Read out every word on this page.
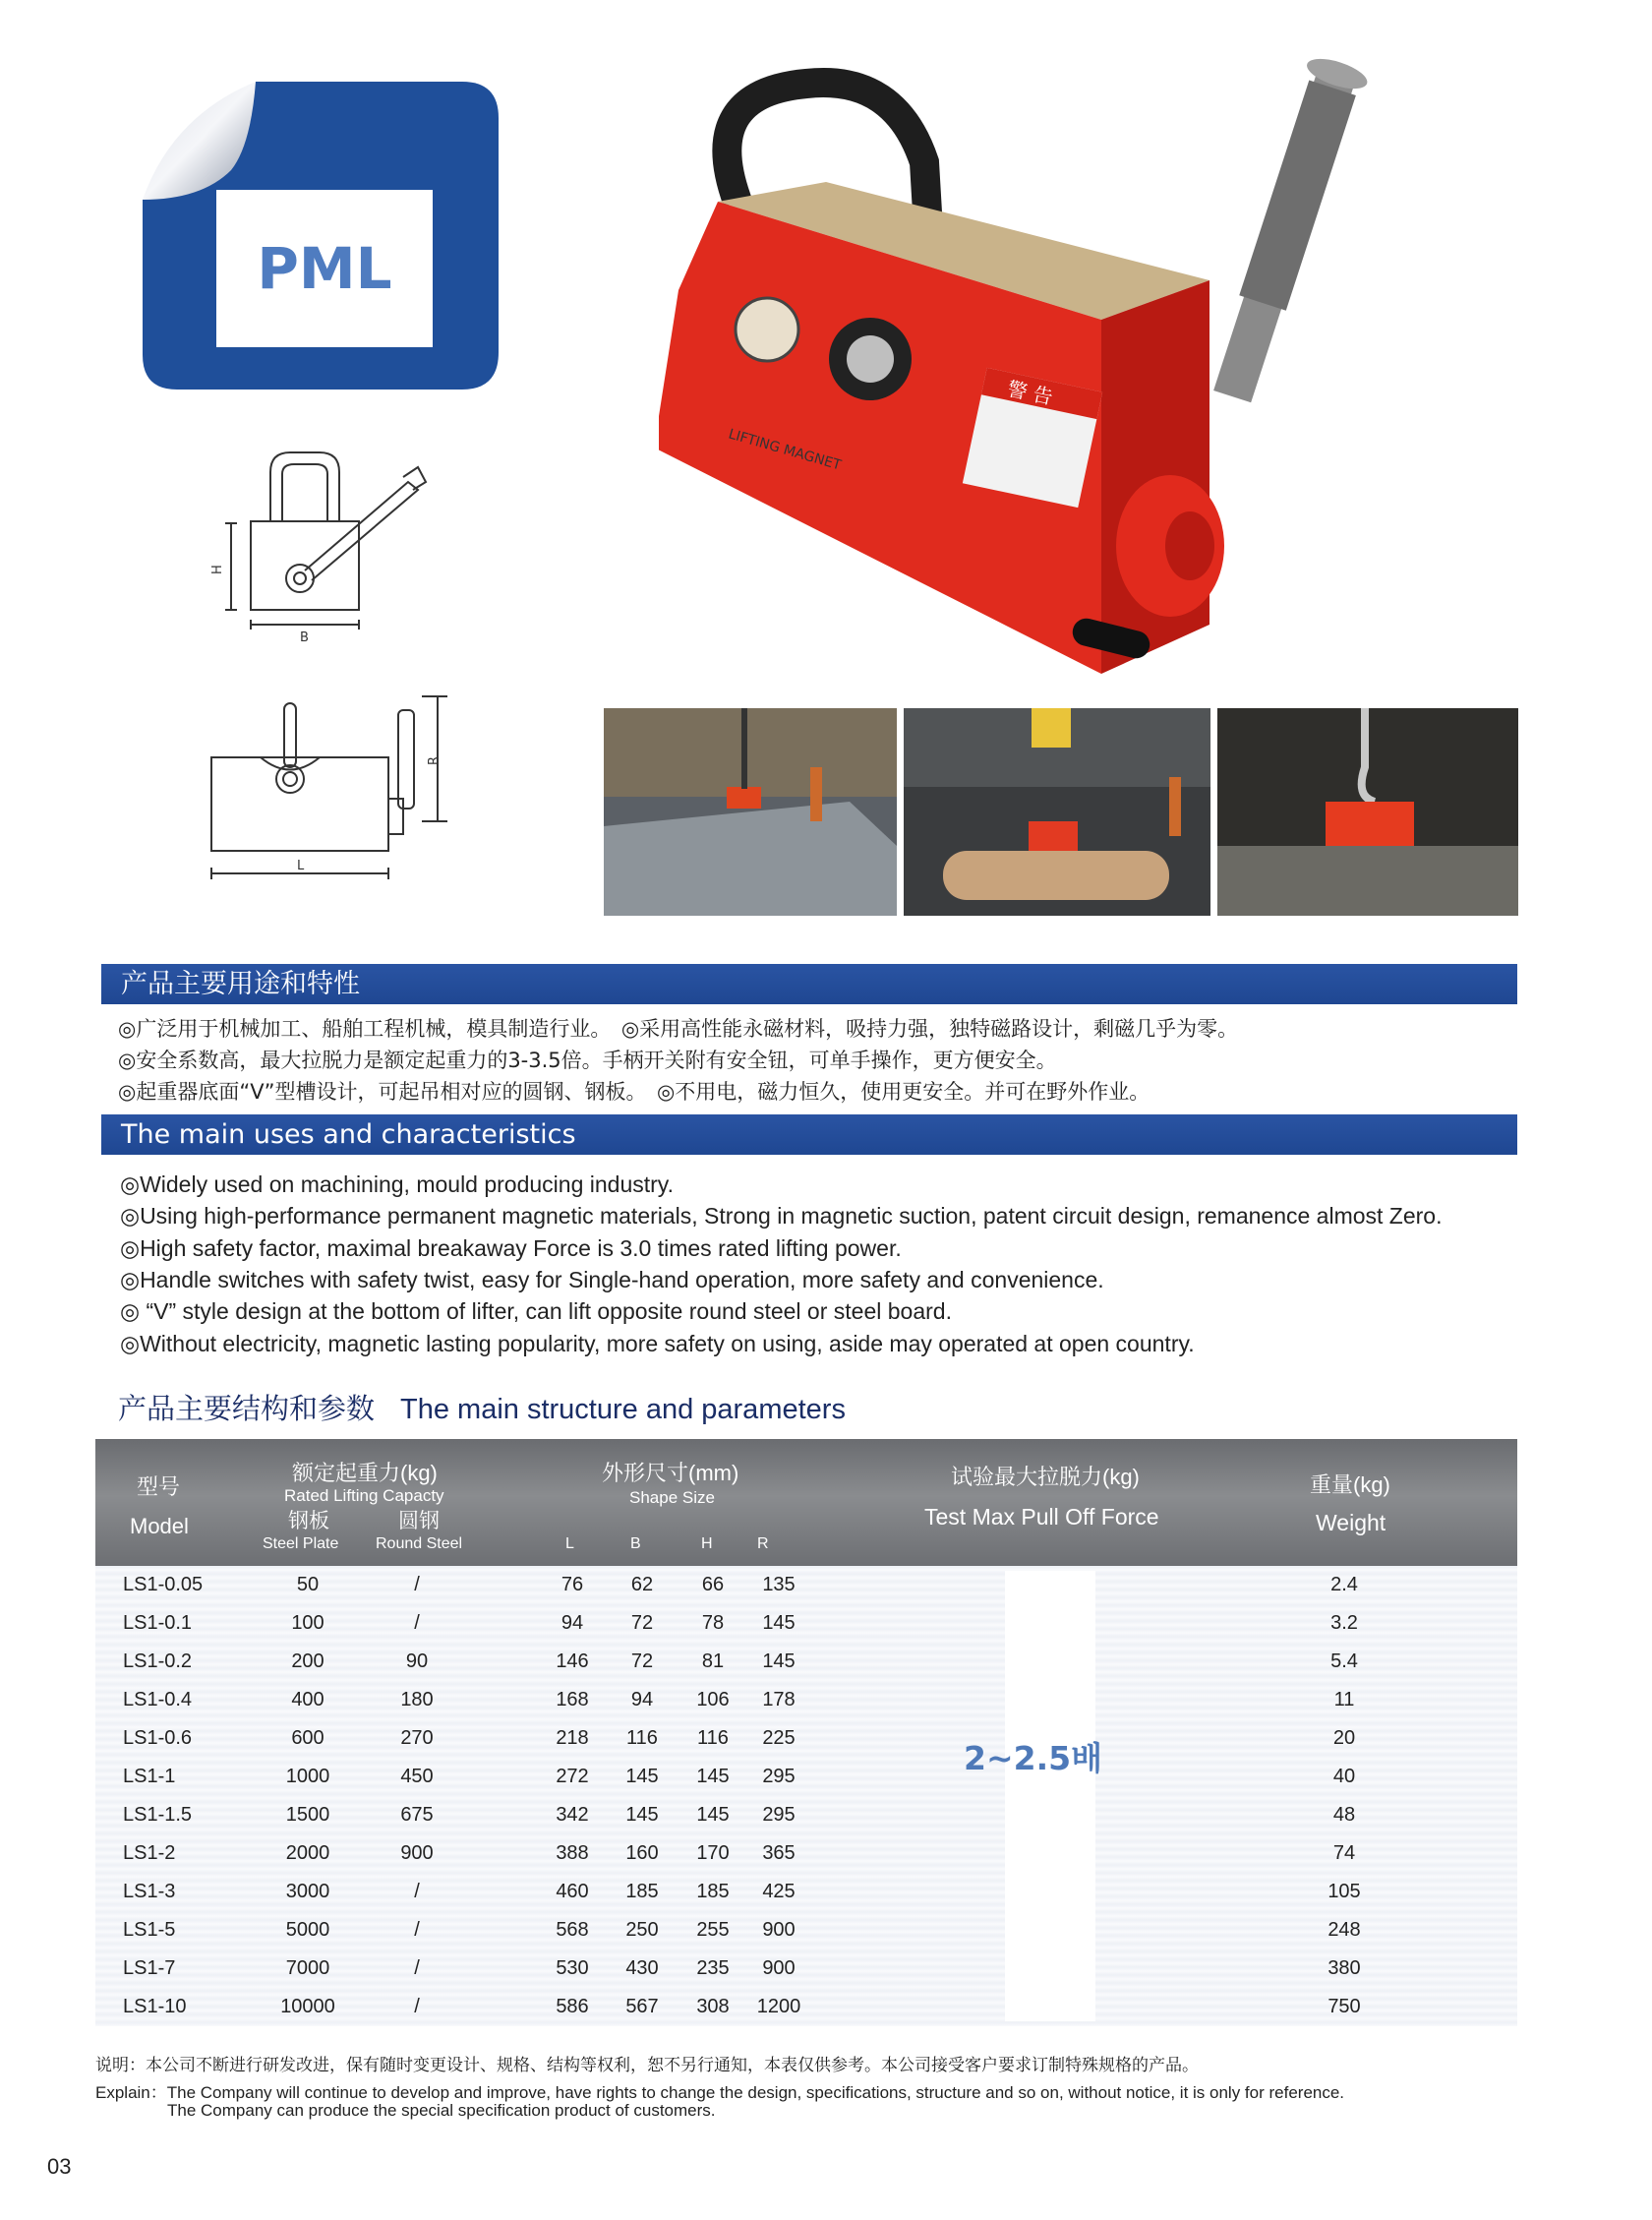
PML
警 告
LIFTING MAGNET
H
B
R
L
产品主要用途和特性
◎广泛用于机械加工、船舶工程机械，模具制造行业。　◎采用高性能永磁材料，吸持力强，独特磁路设计，剩磁几乎为零。
◎安全系数高，最大拉脱力是额定起重力的3-3.5倍。手柄开关附有安全钮，可单手操作，更方便安全。
◎起重器底面“V”型槽设计，可起吊相对应的圆钢、钢板。　◎不用电，磁力恒久，使用更安全。并可在野外作业。
The main uses and characteristics
◎Widely used on machining, mould producing industry.
◎Using high-performance permanent magnetic materials, Strong in magnetic suction, patent circuit design, remanence almost Zero.
◎High safety factor, maximal breakaway Force is 3.0 times rated lifting power.
◎Handle switches with safety twist, easy for Single-hand operation, more safety and convenience.
◎ “V” style design at the bottom of lifter, can lift opposite round steel or steel board.
◎Without electricity, magnetic lasting popularity, more safety on using, aside may operated at open country.
产品主要结构和参数 The main structure and parameters
型号
Model
额定起重力(kg)
Rated Lifting Capacty
钢板
Steel Plate
圆钢
Round Steel
外形尺寸(mm)
Shape Size
L	B	H	R
试验最大拉脱力(kg)
Test Max Pull Off Force
重量(kg)
Weight
LS1-0.05	50	/	76	62	66	135	2.4
LS1-0.1	100	/	94	72	78	145	3.2
LS1-0.2	200	90	146	72	81	145	5.4
LS1-0.4	400	180	168	94	106	178	11
LS1-0.6	600	270	218	116	116	225	20
LS1-1	1000	450	272	145	145	295	40
LS1-1.5	1500	675	342	145	145	295	48
LS1-2	2000	900	388	160	170	365	74
LS1-3	3000	/	460	185	185	425	105
LS1-5	5000	/	568	250	255	900	248
LS1-7	7000	/	530	430	235	900	380
LS1-10	10000	/	586	567	308	1200	750
2~2.5배
说明：本公司不断进行研发改进，保有随时变更设计、规格、结构等权利，恕不另行通知，本表仅供参考。本公司接受客户要求订制特殊规格的产品。
Explain：The Company will continue to develop and improve, have rights to change the design, specifications, structure and so on, without notice, it is only for reference.
The Company can produce the special specification product of customers.
03
